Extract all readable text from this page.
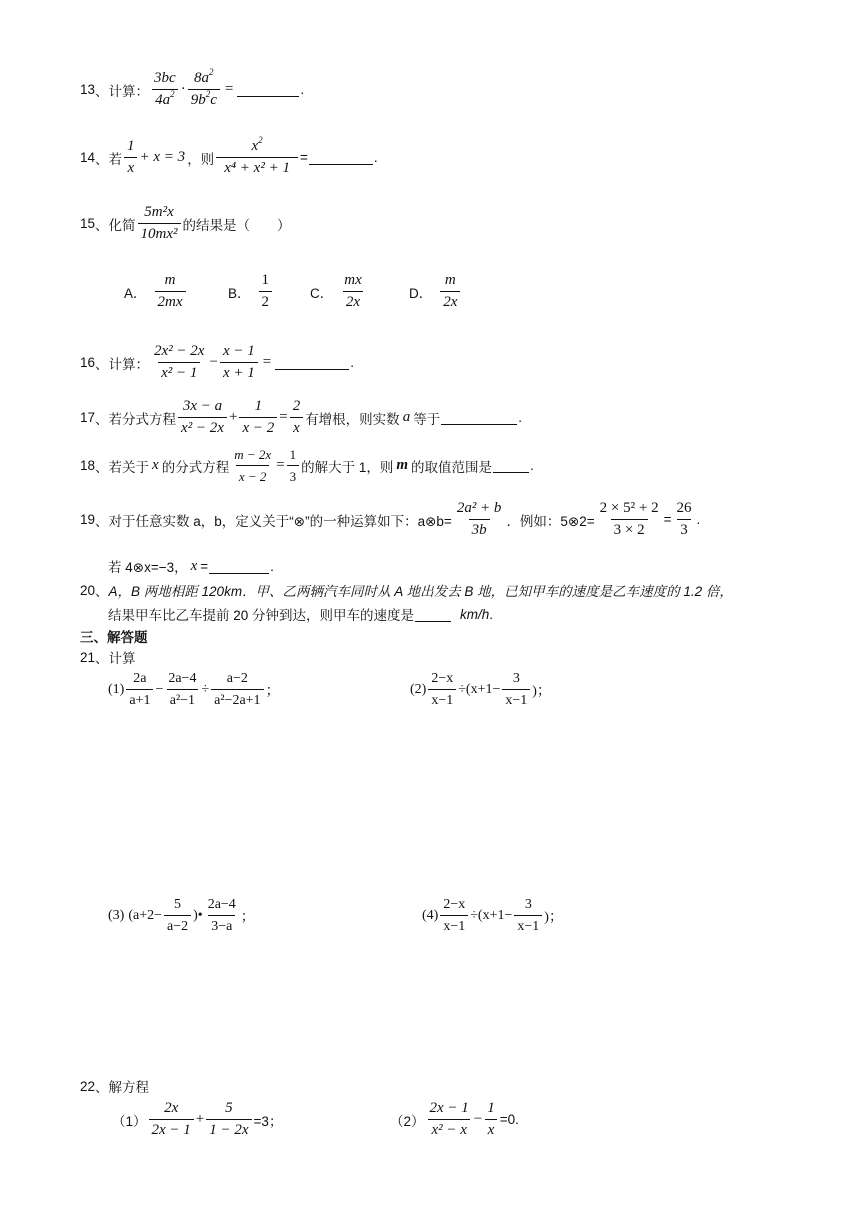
13 、 计算： $\frac{3bc}{4a^2} \cdot \frac{8a^2}{9b^2c}$ =	.
14 、 若 $\frac{1}{x} + x = 3$ ，则 $\frac{x^2}{\text{x⁴ + x² + 1}}$ =	.
15 、 化简 $\frac{\text{5m²x}}{\text{10mx²}}$ 的结果是（　　）
A． $\frac{m}{2mx}$	B． $\frac{1}{2}$	C． $\frac{mx}{2x}$	D． $\frac{m}{2x}$
16 、 计算： $\frac{\text{2x² − 2x}}{\text{x² − 1}} - \frac{x - 1}{x + 1}$ =	.
17 、 若分式方程 $\frac{3x - a}{\text{x² − 2x}} + \frac{1}{x - 2} = \frac{2}{x}$ 有增根，则实数 a 等于	.
18 、 若关于 x 的分式方程 $\frac{m - 2x}{x - 2} = \frac{1}{3}$ 的解大于 1，则 m 的取值范围是	.
19 、 对于任意实数 a，b，定义关于“⊗”的一种运算如下：a⊗b= $\frac{\text{2a² + b}}{3b}$ ．例如：5⊗2= $\frac{\text{2 × 5² + 2}}{3 \times 2} = \frac{26}{3}$ .
若 4⊗x=−3， x =	.
20 、 A，B 两地相距 120km．甲、乙两辆汽车同时从 A 地出发去 B 地，已知甲车的速度是乙车速度的 1.2 倍，
结果甲车比乙车提前 20 分钟到达，则甲车的速度是	km/h .
三、解答题
21 、 计算
$(1) \frac{2a}{a+1} - \frac{2a-4}{\text{a²−1}} \div \frac{a-2}{\text{a²−2a+1}}$ ；	$(2) \frac{2-x}{x-1} \div (x+1- \frac{3}{x-1}$ )；
(3) ($a+2- \frac{5}{a-2}$ ) • $\frac{2a-4}{3-a}$ ；	$(4) \frac{2-x}{x-1} \div (x+1- \frac{3}{x-1}$ )；
22 、 解方程
$(1) \frac{2x}{2x - 1} + \frac{5}{1 - 2x} =3$；	$(2) \frac{2x - 1}{\text{x² − x}} - \frac{1}{x} =0$.
